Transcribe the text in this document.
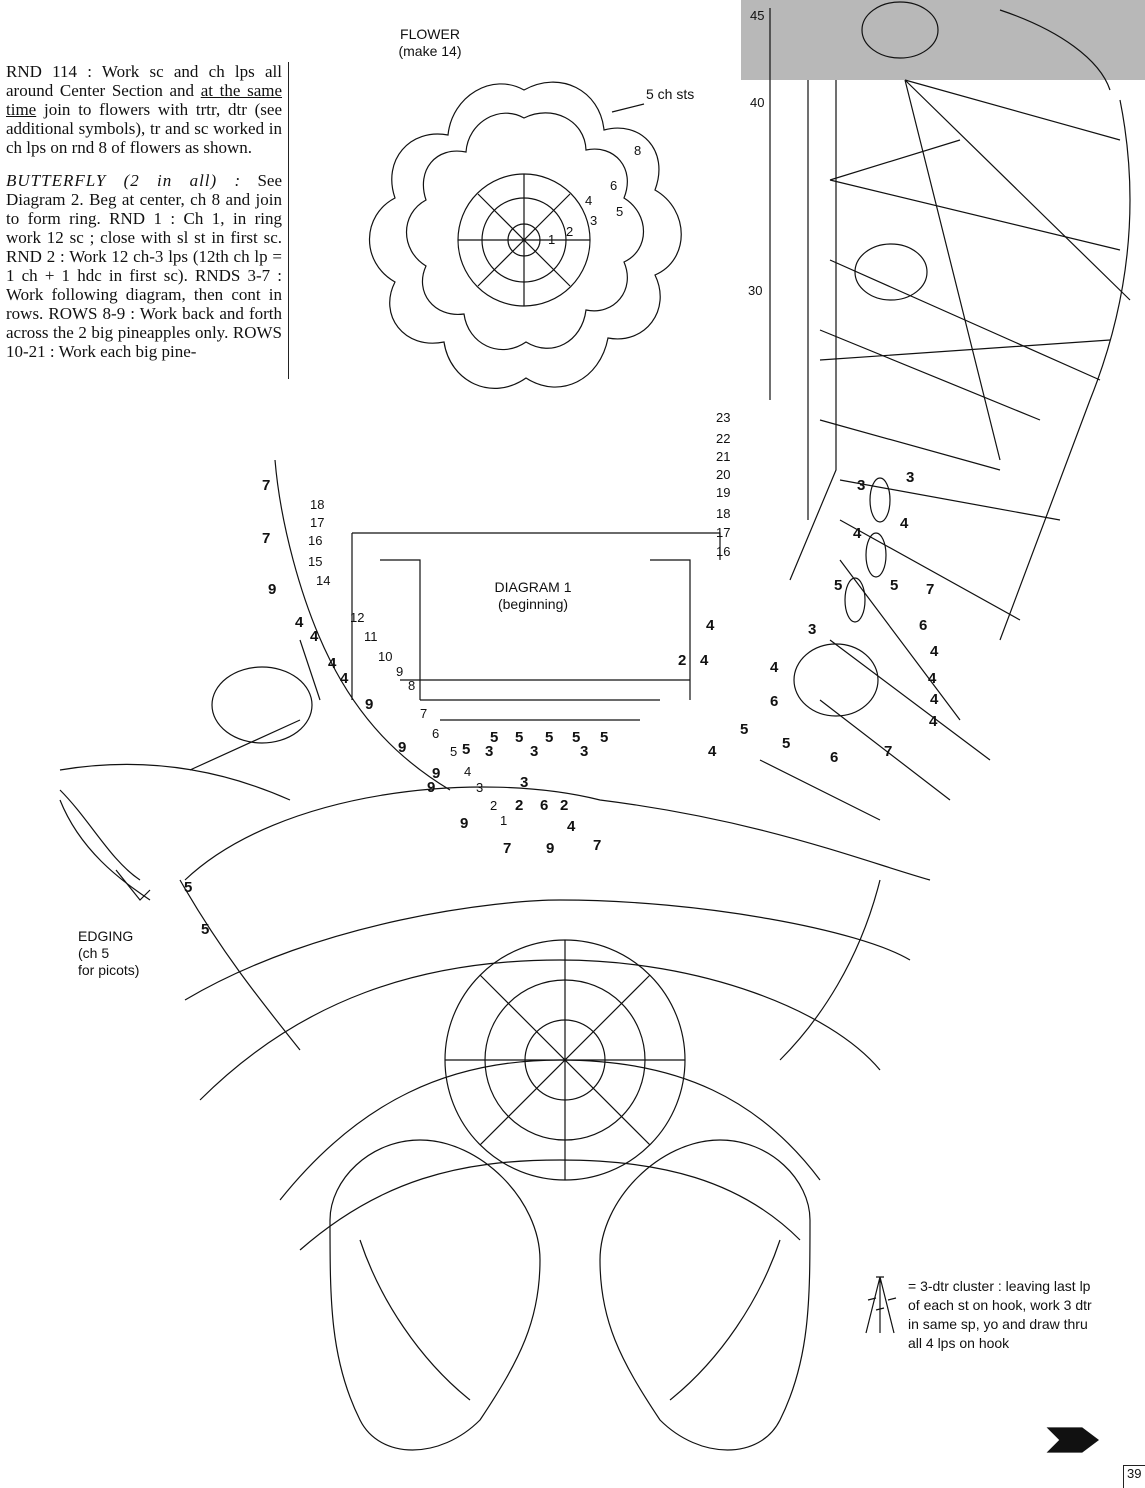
RND 114 : Work sc and ch lps all around Center Section and at the same time join to flowers with trtr, dtr (see additional symbols), tr and sc worked in ch lps on rnd 8 of flowers as shown.

BUTTERFLY (2 in all) : See Diagram 2. Beg at center, ch 8 and join to form ring. RND 1 : Ch 1, in ring work 12 sc ; close with sl st in first sc. RND 2 : Work 12 ch-3 lps (12th ch lp = 1 ch + 1 hdc in first sc). RNDS 3-7 : Work following diagram, then cont in rows. ROWS 8-9 : Work back and forth across the 2 big pineapples only. ROWS 10-21 : Work each big pine-

FLOWER
(make 14)
5 ch sts
DIAGRAM 1
(beginning)
EDGING
(ch 5
for picots)
= 3-dtr cluster : leaving last lp of each st on hook, work 3 dtr in same sp, yo and draw thru all 4 lps on hook
39
8
6
5
4
3
2
1
45
40
30
23
22
21
20
19
18
17
16
18
17
16
15
14
12
11
10
9
8
7
6
5
4
3
2
1
7
7
9
4
4
4
4
9
9
9
9
9
7 9	7
5 5 5 5 5
5 3 3	3
3
2 6 2
4
4
2 4
3	3
4
4
5	5 7
6
4
4
4
4
3
6
5
4	5
6	7
5
5
4
